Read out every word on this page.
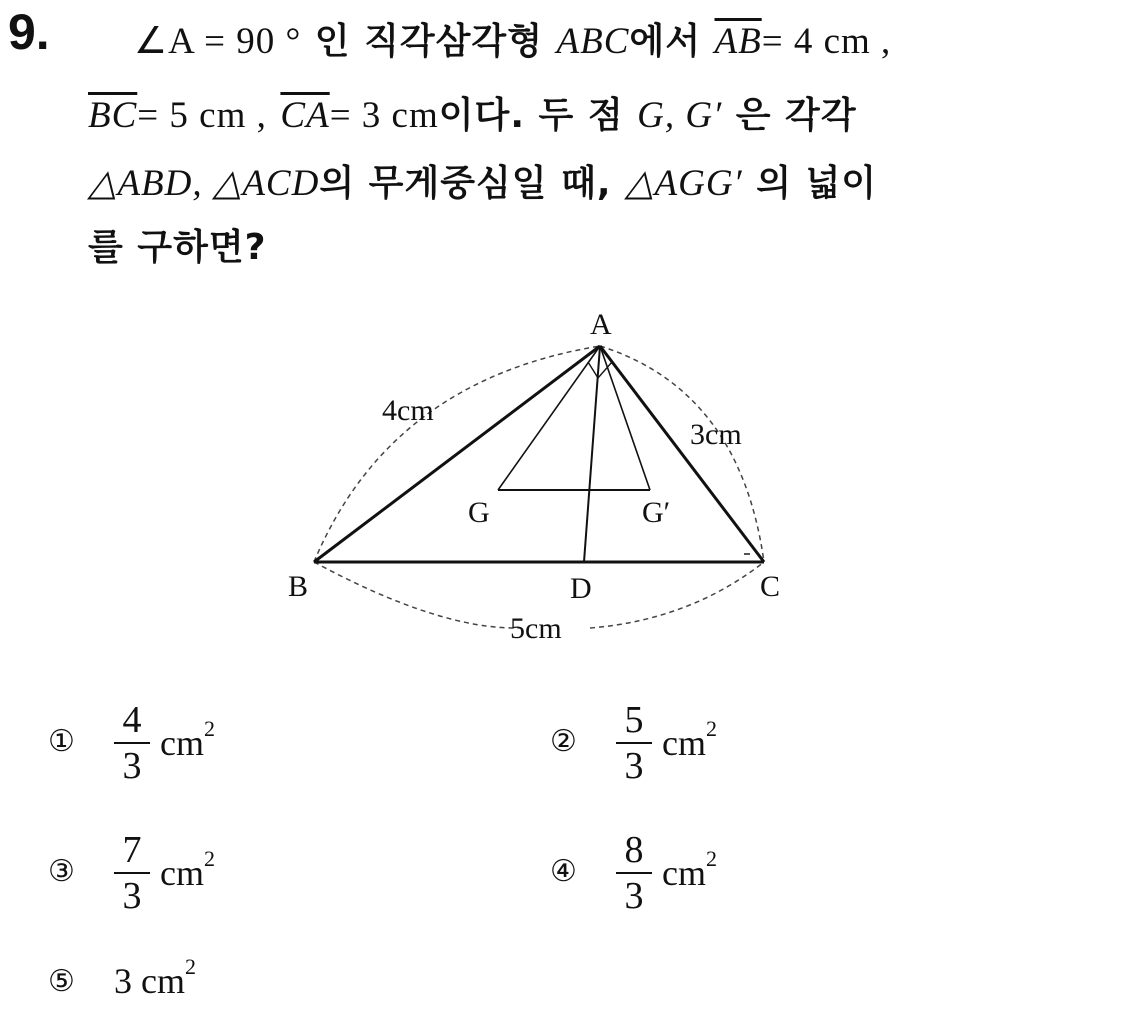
9. ∠A = 90 ° 인 직각삼각형 ABC에서 $\overline{AB}= 4$ cm ,
$\overline{BC}= 5$ cm , $\overline{CA}= 3$ cm이다. 두 점 G, G′ 은 각각
△ABD, △ACD의 무게중심일 때, △AGG′ 의 넓이
를 구하면?
A
B	C
D
G	G′
4cm
3cm
5cm
①
4
3
$cm^2$	②
5
3
$cm^2$
③
7
3
$cm^2$	④
8
3
$cm^2$
⑤ 3 $cm^2$
